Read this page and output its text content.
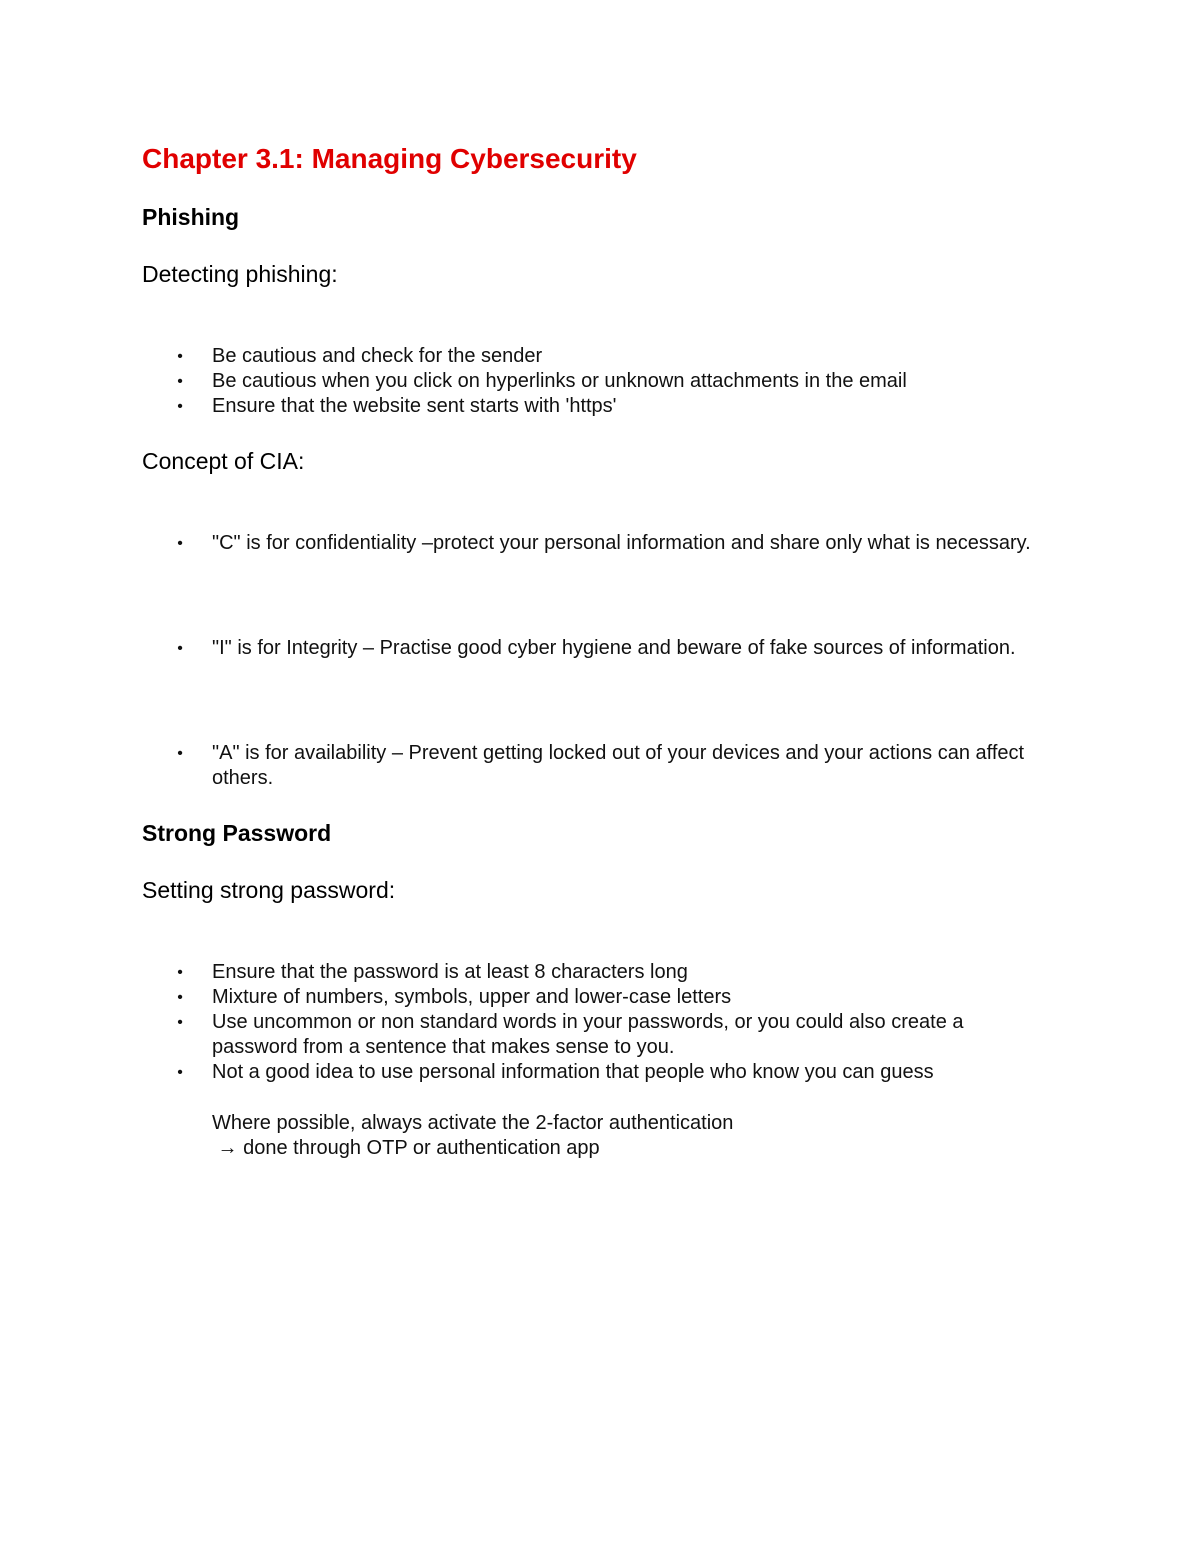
Chapter 3.1: Managing Cybersecurity
Phishing
Detecting phishing:
• Be cautious and check for the sender
• Be cautious when you click on hyperlinks or unknown attachments in the email
• Ensure that the website sent starts with 'https'
Concept of CIA:
• "C" is for confidentiality –protect your personal information and share only what is necessary.
• "I" is for Integrity – Practise good cyber hygiene and beware of fake sources of information.
• "A" is for availability – Prevent getting locked out of your devices and your actions can affect others.
Strong Password
Setting strong password:
• Ensure that the password is at least 8 characters long
• Mixture of numbers, symbols, upper and lower-case letters
• Use uncommon or non standard words in your passwords, or you could also create a password from a sentence that makes sense to you.
• Not a good idea to use personal information that people who know you can guess

Where possible, always activate the 2-factor authentication

→ done through OTP or authentication app
